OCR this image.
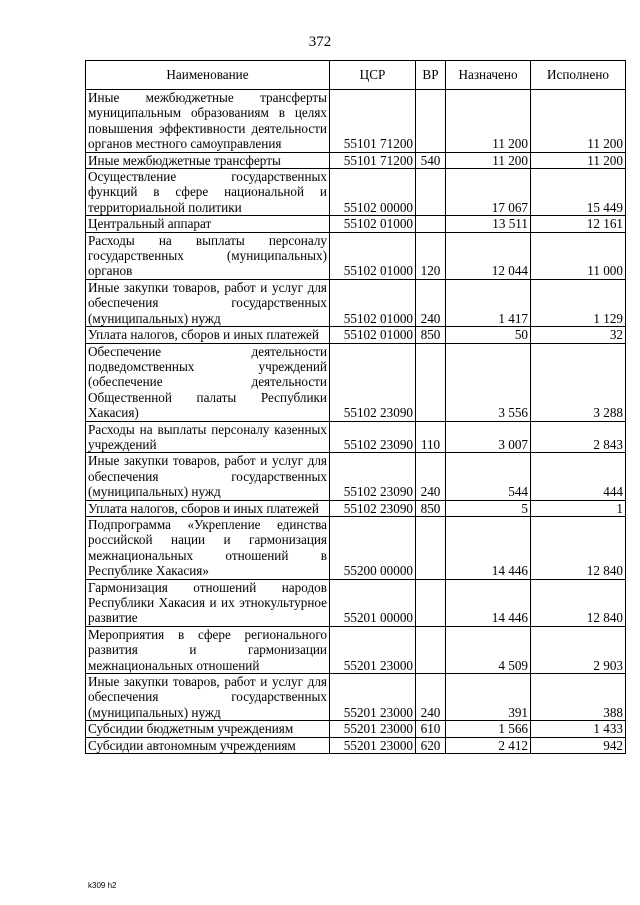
372
Наименование	ЦСР	ВР	Назначено	Исполнено
Иные межбюджетные трансферты муниципальным образованиям в целях повышения эффективности деятельности органов местного самоуправления	55101 71200		11 200	11 200
Иные межбюджетные трансферты	55101 71200	540	11 200	11 200
Осуществление государственных функций в сфере национальной и территориальной политики	55102 00000		17 067	15 449
Центральный аппарат	55102 01000		13 511	12 161
Расходы на выплаты персоналу государственных (муниципальных) органов	55102 01000	120	12 044	11 000
Иные закупки товаров, работ и услуг для обеспечения государственных (муниципальных) нужд	55102 01000	240	1 417	1 129
Уплата налогов, сборов и иных платежей	55102 01000	850	50	32
Обеспечение деятельности подведомственных учреждений (обеспечение деятельности Общественной палаты Республики Хакасия)	55102 23090		3 556	3 288
Расходы на выплаты персоналу казенных учреждений	55102 23090	110	3 007	2 843
Иные закупки товаров, работ и услуг для обеспечения государственных (муниципальных) нужд	55102 23090	240	544	444
Уплата налогов, сборов и иных платежей	55102 23090	850	5	1
Подпрограмма «Укрепление единства российской нации и гармонизация межнациональных отношений в Республике Хакасия»	55200 00000		14 446	12 840
Гармонизация отношений народов Республики Хакасия и их этнокультурное развитие	55201 00000		14 446	12 840
Мероприятия в сфере регионального развития и гармонизации межнациональных отношений	55201 23000		4 509	2 903
Иные закупки товаров, работ и услуг для обеспечения государственных (муниципальных) нужд	55201 23000	240	391	388
Субсидии бюджетным учреждениям	55201 23000	610	1 566	1 433
Субсидии автономным учреждениям	55201 23000	620	2 412	942
k309 h2
